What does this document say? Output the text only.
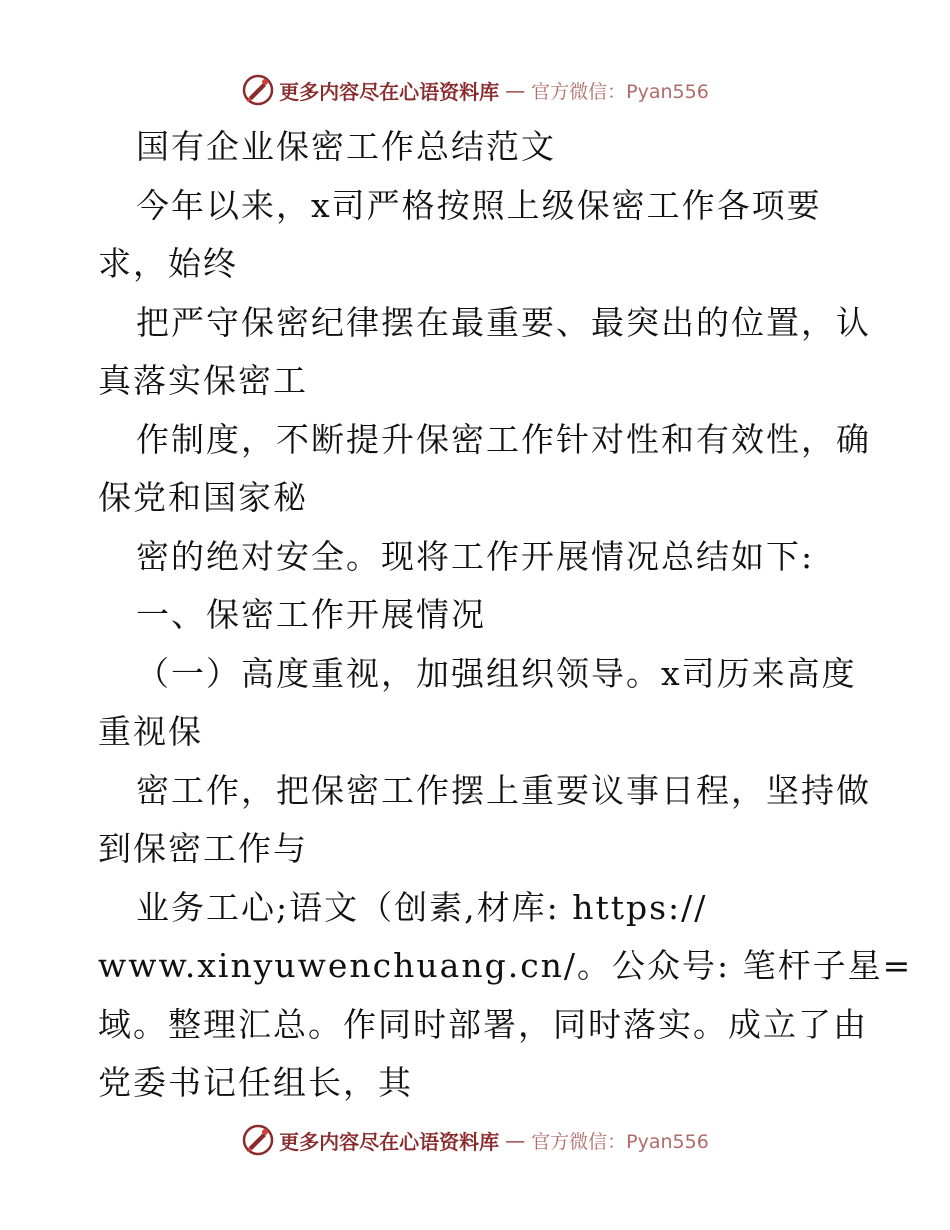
更多内容尽在心语资料库 — 官方微信：Pyan556
国有企业保密工作总结范文
今年以来，x司严格按照上级保密工作各项要
求，始终
把严守保密纪律摆在最重要、最突出的位置，认
真落实保密工
作制度，不断提升保密工作针对性和有效性，确
保党和国家秘
密的绝对安全。现将工作开展情况总结如下:
一、保密工作开展情况
（一）高度重视，加强组织领导。x司历来高度
重视保
密工作，把保密工作摆上重要议事日程，坚持做
到保密工作与
业务工心;语文（创素,材库: https://
www.xinyuwenchuang.cn/。公众号: 笔杆子星=
域。整理汇总。作同时部署，同时落实。成立了由
党委书记任组长，其
更多内容尽在心语资料库 — 官方微信：Pyan556
